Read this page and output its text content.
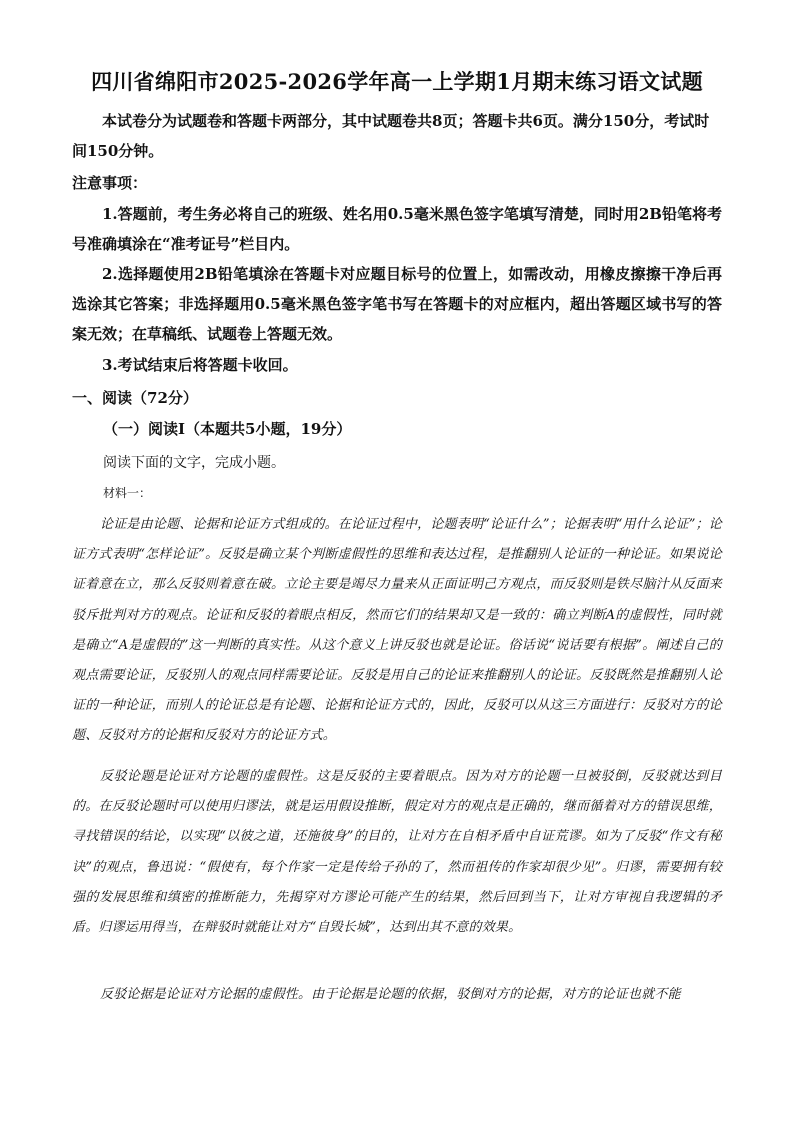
四川省绵阳市2025-2026学年高一上学期1月期末练习语文试题
本试卷分为试题卷和答题卡两部分，其中试题卷共8页；答题卡共6页。满分150分，考试时间150分钟。
注意事项：
1.答题前，考生务必将自己的班级、姓名用0.5毫米黑色签字笔填写清楚，同时用2B铅笔将考号准确填涂在“准考证号”栏目内。
2.选择题使用2B铅笔填涂在答题卡对应题目标号的位置上，如需改动，用橡皮擦擦干净后再选涂其它答案；非选择题用0.5毫米黑色签字笔书写在答题卡的对应框内，超出答题区域书写的答案无效；在草稿纸、试题卷上答题无效。
3.考试结束后将答题卡收回。
一、阅读（72分）
（一）阅读Ⅰ（本题共5小题，19分）
阅读下面的文字，完成小题。
材料一：
论证是由论题、论据和论证方式组成的。在论证过程中，论题表明“论证什么”；论据表明“用什么论证”；论证方式表明“怎样论证”。反驳是确立某个判断虚假性的思维和表达过程，是推翻别人论证的一种论证。如果说论证着意在立，那么反驳则着意在破。立论主要是竭尽力量来从正面证明己方观点，而反驳则是铁尽脑汁从反面来驳斥批判对方的观点。论证和反驳的着眼点相反，然而它们的结果却又是一致的：确立判断A的虚假性，同时就是确立“A是虚假的”这一判断的真实性。从这个意义上讲反驳也就是论证。俗话说“说话要有根据”。阐述自己的观点需要论证，反驳别人的观点同样需要论证。反驳是用自己的论证来推翻别人的论证。反驳既然是推翻别人论证的一种论证，而别人的论证总是有论题、论据和论证方式的，因此，反驳可以从这三方面进行：反驳对方的论题、反驳对方的论据和反驳对方的论证方式。
反驳论题是论证对方论题的虚假性。这是反驳的主要着眼点。因为对方的论题一旦被驳倒，反驳就达到目的。在反驳论题时可以使用归谬法，就是运用假设推断，假定对方的观点是正确的，继而循着对方的错误思维，寻找错误的结论，以实现“以彼之道，还施彼身”的目的，让对方在自相矛盾中自证荒谬。如为了反驳“作文有秘诀”的观点，鲁迅说：“假使有，每个作家一定是传给子孙的了，然而祖传的作家却很少见”。归谬，需要拥有较强的发展思维和缜密的推断能力，先揭穿对方谬论可能产生的结果，然后回到当下，让对方审视自我逻辑的矛盾。归谬运用得当，在辩驳时就能让对方“自毁长城”，达到出其不意的效果。
反驳论据是论证对方论据的虚假性。由于论据是论题的依据，驳倒对方的论据，对方的论证也就不能
